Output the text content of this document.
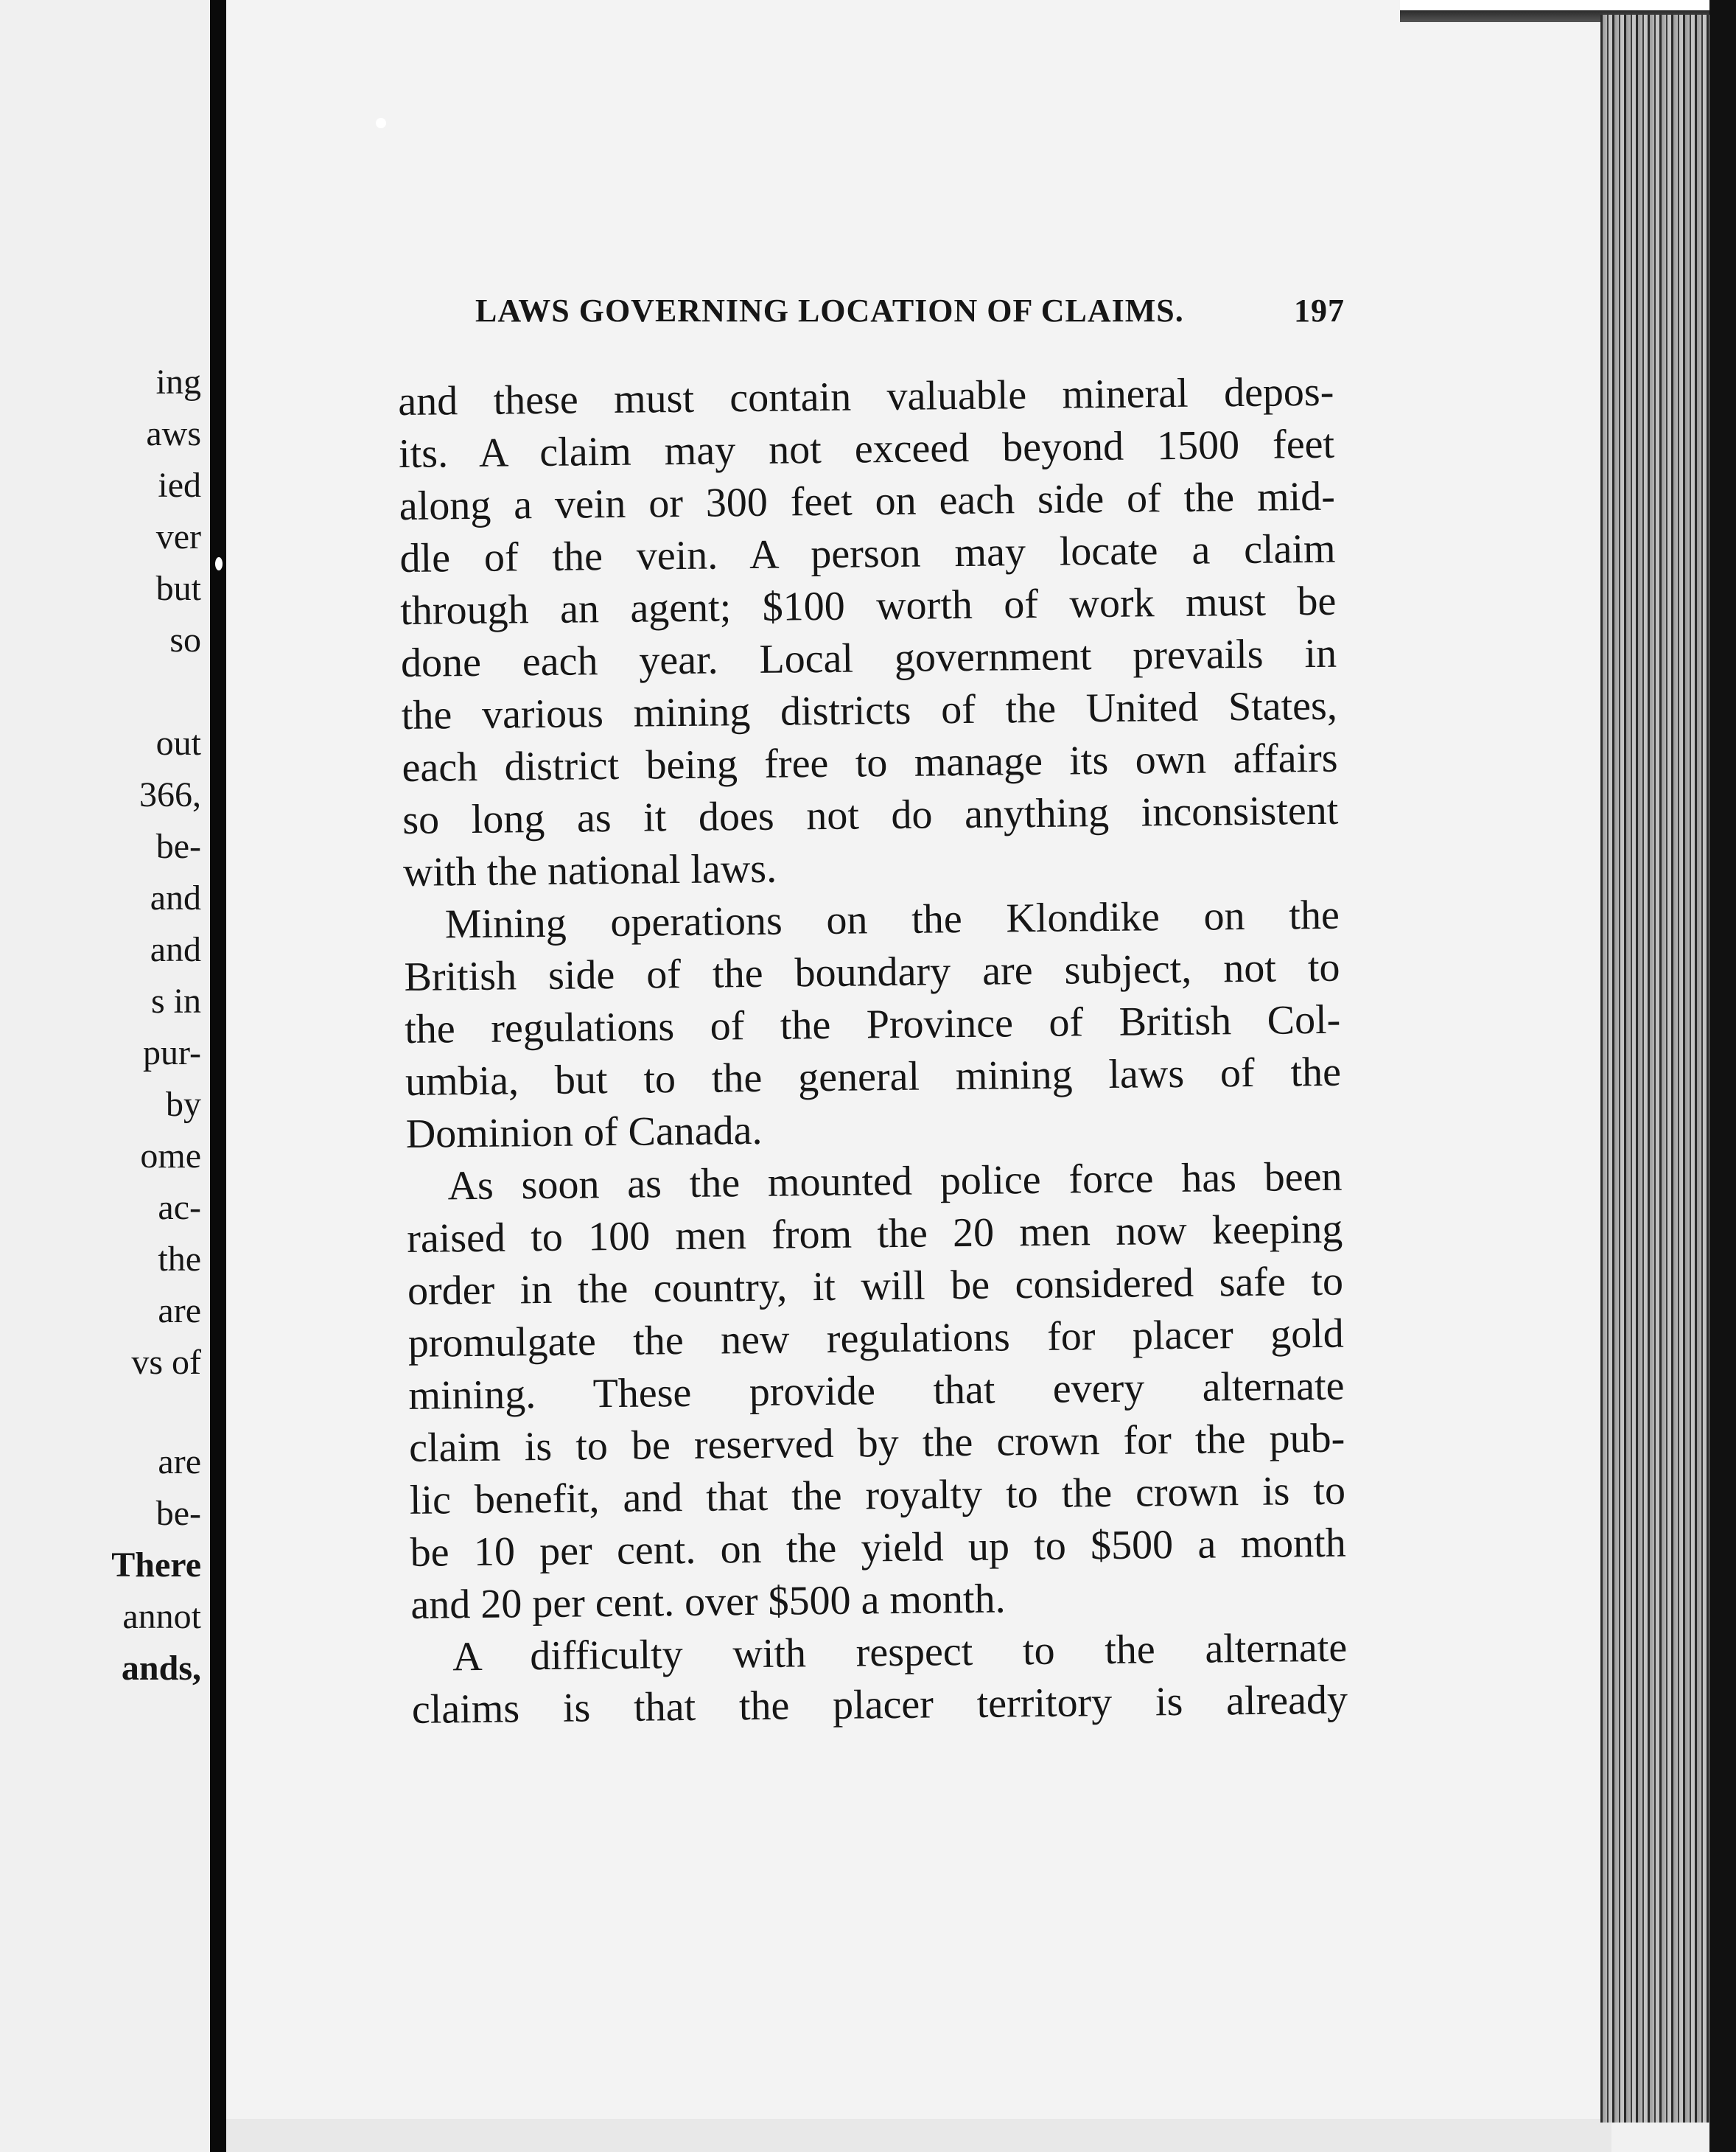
ing
aws
ied
ver
but
so
out
366,
be-
and
and
s in
pur-
by
ome
ac-
the
are
vs of
are
be-
There
annot
ands,
LAWS GOVERNING LOCATION OF CLAIMS.	197
and these must contain valuable mineral depos-
its. A claim may not exceed beyond 1500 feet
along a vein or 300 feet on each side of the mid-
dle of the vein. A person may locate a claim
through an agent; $100 worth of work must be
done each year. Local government prevails in
the various mining districts of the United States,
each district being free to manage its own affairs
so long as it does not do anything inconsistent
with the national laws.
Mining operations on the Klondike on the
British side of the boundary are subject, not to
the regulations of the Province of British Col-
umbia, but to the general mining laws of the
Dominion of Canada.
As soon as the mounted police force has been
raised to 100 men from the 20 men now keeping
order in the country, it will be considered safe to
promulgate the new regulations for placer gold
mining. These provide that every alternate
claim is to be reserved by the crown for the pub-
lic benefit, and that the royalty to the crown is to
be 10 per cent. on the yield up to $500 a month
and 20 per cent. over $500 a month.
A difficulty with respect to the alternate
claims is that the placer territory is already
